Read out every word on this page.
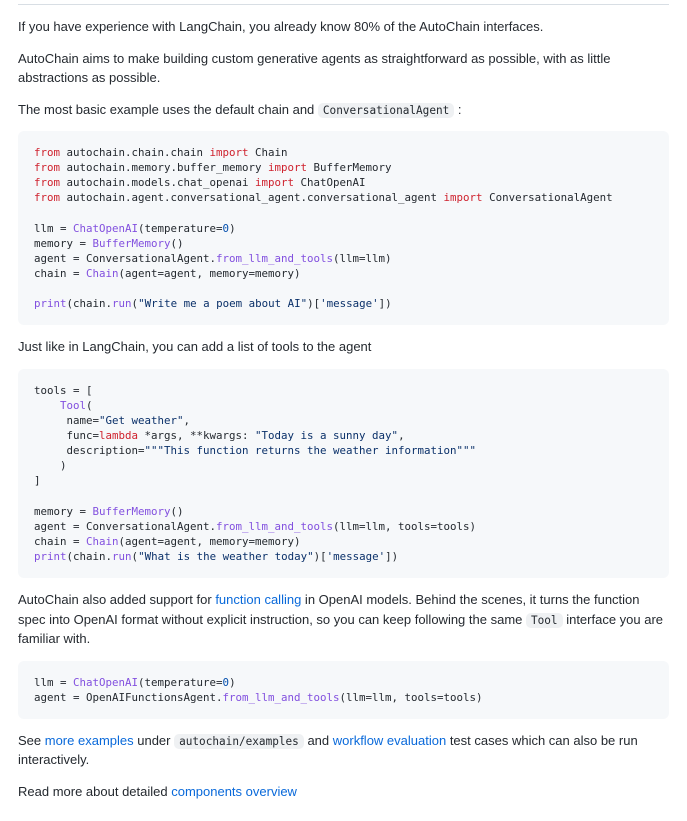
If you have experience with LangChain, you already know 80% of the AutoChain interfaces.

AutoChain aims to make building custom generative agents as straightforward as possible, with as little abstractions as possible.

The most basic example uses the default chain and ConversationalAgent :

from autochain.chain.chain import Chain
from autochain.memory.buffer_memory import BufferMemory
from autochain.models.chat_openai import ChatOpenAI
from autochain.agent.conversational_agent.conversational_agent import ConversationalAgent

llm = ChatOpenAI(temperature=0)
memory = BufferMemory()
agent = ConversationalAgent.from_llm_and_tools(llm=llm)
chain = Chain(agent=agent, memory=memory)

print(chain.run("Write me a poem about AI")['message'])

Just like in LangChain, you can add a list of tools to the agent

tools = [
Tool(
name="Get weather",
func=lambda *args, **kwargs: "Today is a sunny day",
description="""This function returns the weather information"""
)
]

memory = BufferMemory()
agent = ConversationalAgent.from_llm_and_tools(llm=llm, tools=tools)
chain = Chain(agent=agent, memory=memory)
print(chain.run("What is the weather today")['message'])

AutoChain also added support for function calling in OpenAI models. Behind the scenes, it turns the function spec into OpenAI format without explicit instruction, so you can keep following the same Tool interface you are familiar with.

llm = ChatOpenAI(temperature=0)
agent = OpenAIFunctionsAgent.from_llm_and_tools(llm=llm, tools=tools)

See more examples under autochain/examples and workflow evaluation test cases which can also be run interactively.

Read more about detailed components overview
